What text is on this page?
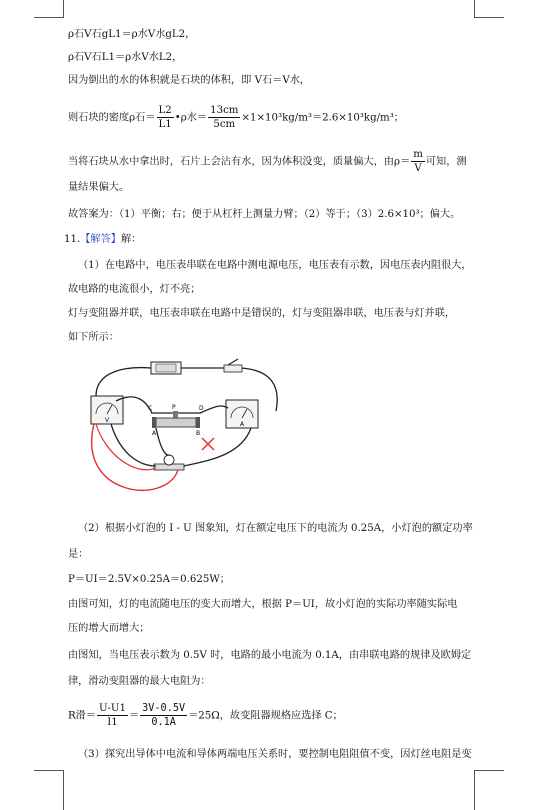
ρ石V石gL1＝ρ水V水gL2，
ρ石V石L1＝ρ水V水L2，
因为倒出的水的体积就是石块的体积，即 V石＝V水，
则石块的密度ρ石＝ $\frac{L2}{L1}$ •ρ水＝ $\frac{13cm}{5cm} \times 1\times 10^3kg/m^3=2.6\times 10^3kg/m^3$；
当将石块从水中拿出时，石片上会沾有水，因为体积没变，质量偏大，由$\rho= \frac{m}{V}$ 可知，测
量结果偏大。
故答案为：（1）平衡；右；便于从杠杆上测量力臂；（2）等于；（3）2.6×10³；偏大。
11.【解答】解：
（1）在电路中，电压表串联在电路中测电源电压，电压表有示数，因电压表内阻很大，
故电路的电流很小，灯不亮；
灯与变阻器并联，电压表串联在电路中是错误的，灯与变阻器串联，电压表与灯并联，
如下所示：
V
A
C	P	D
A	B
（2）根据小灯泡的 I - U 图象知，灯在额定电压下的电流为 0.25A，小灯泡的额定功率
是：
P＝UI＝2.5V×0.25A＝0.625W；
由图可知，灯的电流随电压的变大而增大，根据 P＝UI，故小灯泡的实际功率随实际电
压的增大而增大；
由图知，当电压表示数为 0.5V 时，电路的最小电流为 0.1A，由串联电路的规律及欧姆定
律，滑动变阻器的最大电阻为：
R滑＝ $\frac{U-U1}{I1} = \frac{3V-0.5V}{0.1A} =25\Omega$，故变阻器规格应选择 C；
（3）探究出导体中电流和导体两端电压关系时，要控制电阻阻值不变，因灯丝电阻是变
